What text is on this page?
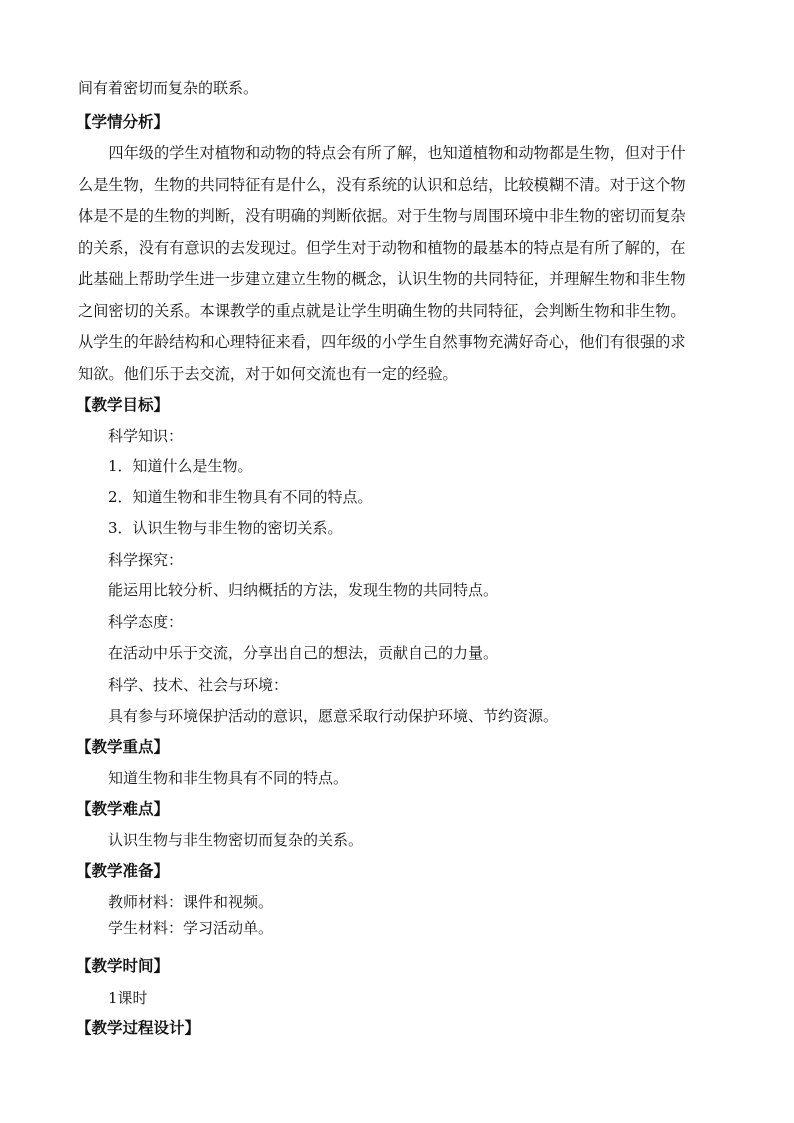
间有着密切而复杂的联系。
【学情分析】

　　四年级的学生对植物和动物的特点会有所了解，也知道植物和动物都是生物，但对于什

么是生物，生物的共同特征有是什么，没有系统的认识和总结，比较模糊不清。对于这个物

体是不是的生物的判断，没有明确的判断依据。对于生物与周围环境中非生物的密切而复杂

的关系，没有有意识的去发现过。但学生对于动物和植物的最基本的特点是有所了解的，在

此基础上帮助学生进一步建立建立生物的概念，认识生物的共同特征，并理解生物和非生物

之间密切的关系。本课教学的重点就是让学生明确生物的共同特征，会判断生物和非生物。

从学生的年龄结构和心理特征来看，四年级的小学生自然事物充满好奇心，他们有很强的求

知欲。他们乐于去交流，对于如何交流也有一定的经验。

【教学目标】
科学知识：
1．知道什么是生物。
2．知道生物和非生物具有不同的特点。
3．认识生物与非生物的密切关系。
科学探究：
能运用比较分析、归纳概括的方法，发现生物的共同特点。
科学态度：
在活动中乐于交流，分享出自己的想法，贡献自己的力量。
科学、技术、社会与环境：
具有参与环境保护活动的意识，愿意采取行动保护环境、节约资源。
【教学重点】
知道生物和非生物具有不同的特点。
【教学难点】
认识生物与非生物密切而复杂的关系。
【教学准备】
教师材料：课件和视频。
学生材料：学习活动单。
【教学时间】
1课时
【教学过程设计】
